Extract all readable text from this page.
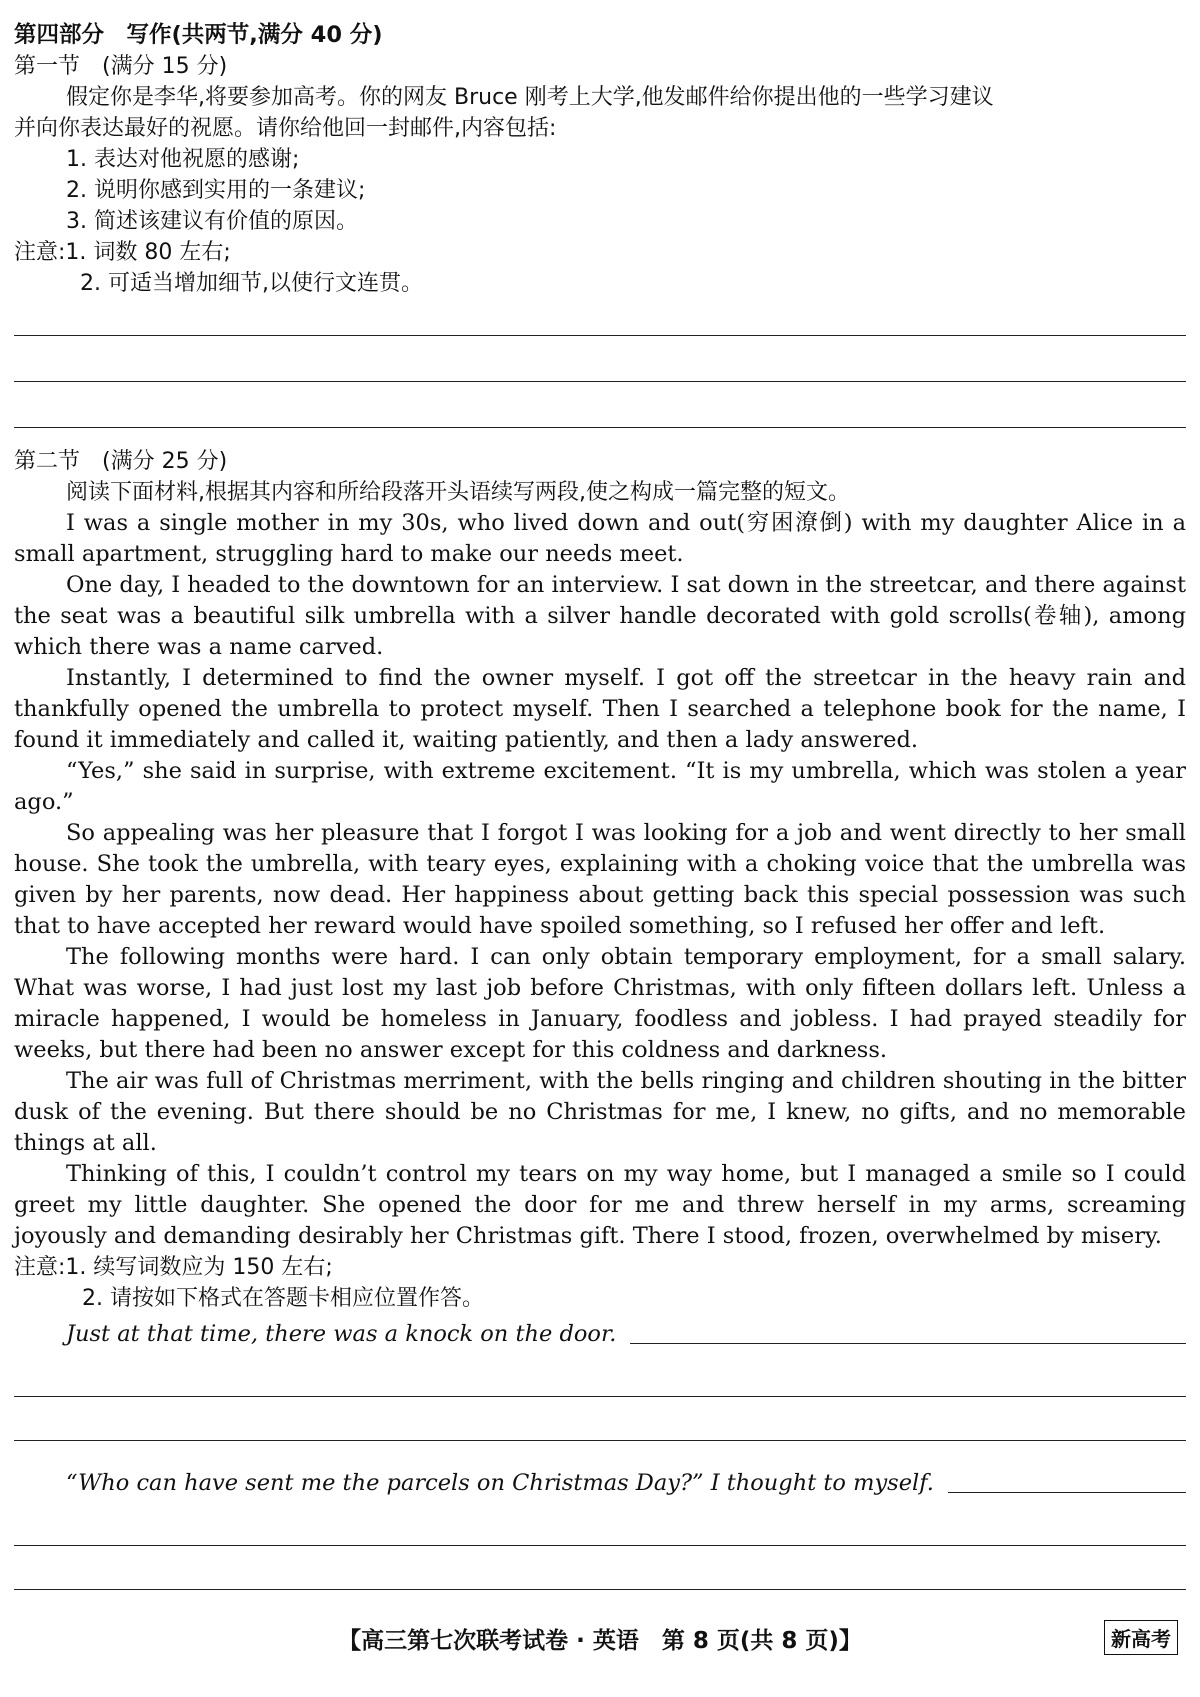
第四部分　写作(共两节,满分 40 分)
第一节　(满分 15 分)
假定你是李华,将要参加高考。你的网友 Bruce 刚考上大学,他发邮件给你提出他的一些学习建议
并向你表达最好的祝愿。请你给他回一封邮件,内容包括:
1. 表达对他祝愿的感谢;
2. 说明你感到实用的一条建议;
3. 简述该建议有价值的原因。
注意:1. 词数 80 左右;
2. 可适当增加细节,以使行文连贯。
第二节　(满分 25 分)
阅读下面材料,根据其内容和所给段落开头语续写两段,使之构成一篇完整的短文。
I was a single mother in my 30s, who lived down and out(穷困潦倒) with my daughter Alice in a small apartment, struggling hard to make our needs meet.
One day, I headed to the downtown for an interview. I sat down in the streetcar, and there against the seat was a beautiful silk umbrella with a silver handle decorated with gold scrolls(卷轴), among which there was a name carved.
Instantly, I determined to find the owner myself. I got off the streetcar in the heavy rain and thankfully opened the umbrella to protect myself. Then I searched a telephone book for the name, I found it immediately and called it, waiting patiently, and then a lady answered.
“Yes,” she said in surprise, with extreme excitement. “It is my umbrella, which was stolen a year ago.”
So appealing was her pleasure that I forgot I was looking for a job and went directly to her small house. She took the umbrella, with teary eyes, explaining with a choking voice that the umbrella was given by her parents, now dead. Her happiness about getting back this special possession was such that to have accepted her reward would have spoiled something, so I refused her offer and left.
The following months were hard. I can only obtain temporary employment, for a small salary. What was worse, I had just lost my last job before Christmas, with only fifteen dollars left. Unless a miracle happened, I would be homeless in January, foodless and jobless. I had prayed steadily for weeks, but there had been no answer except for this coldness and darkness.
The air was full of Christmas merriment, with the bells ringing and children shouting in the bitter dusk of the evening. But there should be no Christmas for me, I knew, no gifts, and no memorable things at all.
Thinking of this, I couldn’t control my tears on my way home, but I managed a smile so I could greet my little daughter. She opened the door for me and threw herself in my arms, screaming joyously and demanding desirably her Christmas gift. There I stood, frozen, overwhelmed by misery.
注意:1. 续写词数应为 150 左右;
2. 请按如下格式在答题卡相应位置作答。
Just at that time, there was a knock on the door.
“Who can have sent me the parcels on Christmas Day?” I thought to myself.
【高三第七次联考试卷 · 英语　第 8 页(共 8 页)】	新高考
